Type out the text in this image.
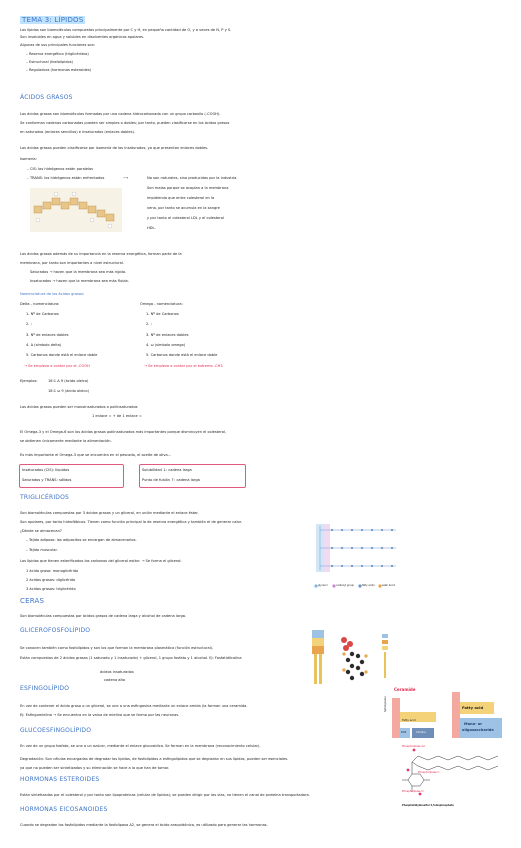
TEMA 3: LÍPIDOS
Los lípidos son biomoléculas compuestas principalmente por C y H, en pequeña cantidad de O, y a veces de N, P y S.
Son insolubles en agua y solubles en disolventes orgánicos apolares.
Algunas de sus principales funciones son:
– Reserva energética (triglicéridos)
– Estructural (fosfolípidos)
– Reguladora (hormonas esteroides)
ÁCIDOS GRASOS
Los ácidos grasos son biomoléculas formadas por una cadena hidrocarbonada con un grupo carboxilo (-COOH).
Se conforman cadenas carbonadas pueden ser simples o dobles; por tanto, pueden clasificarse en los ácidos grasos
en saturados (enlaces sencillos) e insaturados (enlaces dobles).
Los ácidos grasos pueden clasificarse por isomería de los insaturados, ya que presentan enlaces dobles.
Isomería:
– CIS: los hidrógenos están paralelos
– TRANS: los hidrógenos están enfrentados	⟶	No son naturales, sino producidas por la industria.
Son malas porque se acoplan a la membrana
impidiendo que entre colesterol en la
vena, por tanto se acumula en la sangre
y por tanto el colesterol LDL y el colesterol
HDL.
Los ácidos grasos además de su importancia en la reserva energética, forman parte de la
membrana, por tanto son importantes a nivel estructural.
Saturados → hacen que la membrana sea más rígida.
Insaturados → hacen que la membrana sea más fluida.
Nomenclatura de los ácidos grasos:
Delta - nomenclatura:
1. Nº de Carbonos
2. :
3. Nº de enlaces dobles
4. Δ (símbolo delta)
5. Carbonos donde está el enlace doble
→ Se empieza a contar por el -COOH
Omega - nomenclatura:
1. Nº de Carbonos
2. :
3. Nº de enlaces dobles
4. ω (símbolo omega)
5. Carbonos donde está el enlace doble
→ Se empieza a contar por el extremo -CH3
Ejemplos:	18:1 Δ 9 (ácido oleico)
18:1 ω 9 (ácido oleico)
Los ácidos grasos pueden ser monoinsaturados o poliinsaturados
1 enlace = + de 1 enlace =
El Omega-3 y el Omega-6 son los ácidos grasos poliinsaturados más importantes porque disminuyen el colesterol,
se obtienen únicamente mediante la alimentación.
Es más importante el Omega-3 que se encuentra en el pescado, el aceite de oliva...
Insaturados (CIS): líquidos
Saturados y TRANS: sólidos
Solubilidad ↓: cadena larga
Punto de fusión ↑: cadena larga
TRIGLICÉRIDOS
Son biomoléculas compuestas por 3 ácidos grasos y un glicerol, en unión mediante el enlace éster.
Son apolares, por tanto hidrofóbicos. Tienen como función principal la de reserva energética y también el de generar calor.
¿Dónde se almacenan?
– Tejido adiposo: los adipocitos se encargan de almacenarlos.
– Tejido muscular.
Los lípidos que tienen esterificados los carbonos del glicerol están: → Se forma el glicerol:
1 ácido graso: monoglicérido
2 ácidos grasos: diglicérido
3 ácidos grasos: triglicérido
glycerol	carboxyl group	fatty acids	ester bond
CERAS
Son biomoléculas compuestas por ácidos grasos de cadena larga y alcohol de cadena larga.
GLICEROFOSFOLÍPIDO
Se conocen también como fosfolípidos y son los que forman la membrana plasmática (función estructural).
Están compuestos de 2 ácidos grasos (1 saturado y 1 insaturado) + glicerol, 1 grupo fosfato y 1 alcohol. Ej: Fosfatidilcolina
ácidos insaturados
cadena alta
ESFINGOLÍPIDO
En vez de contener el ácido graso o un glicerol, se une a una esfingosina mediante un enlace amida (la forman una ceramida.
Ej: Esfingomielina → Se encuentra en la vaina de mielina que se forma por las neuronas.
GLUCOESFINGOLÍPIDO
En vez de un grupo fosfato, se une a un azúcar, mediante el enlace glucosídico. Se forman en la membrana (reconocimiento celular).
Degradación: Son células encargadas de degradar los lípidos, de fosfolípidos a esfingolípidos que se degradan en sus lípidos, pueden ser esenciales.
ya que no pueden ser sintetizados y su eliminación se hace a la que han de tomar.
HORMONAS ESTEROIDES
Están sintetizadas por el colesterol y por tanto son lipoproteicas (celular de lípidos); se pueden dirigir por las vías, no tienen el canal de proteína transportadora.
HORMONAS EICOSANOIDES
Cuando se degradan los fosfolípidos mediante la fosfolipasa A2, se genera el ácido araquidónico, es utilizado para generar las hormonas.
Ceramide
Fatty acid
PO4	Choline
Fatty acid
Mono- or
oligosaccharide
Sphingosine
Phospholipase A2
Phospholipase C
Phospholipase D
Phosphatidylinositol 4,5-bisphosphate
